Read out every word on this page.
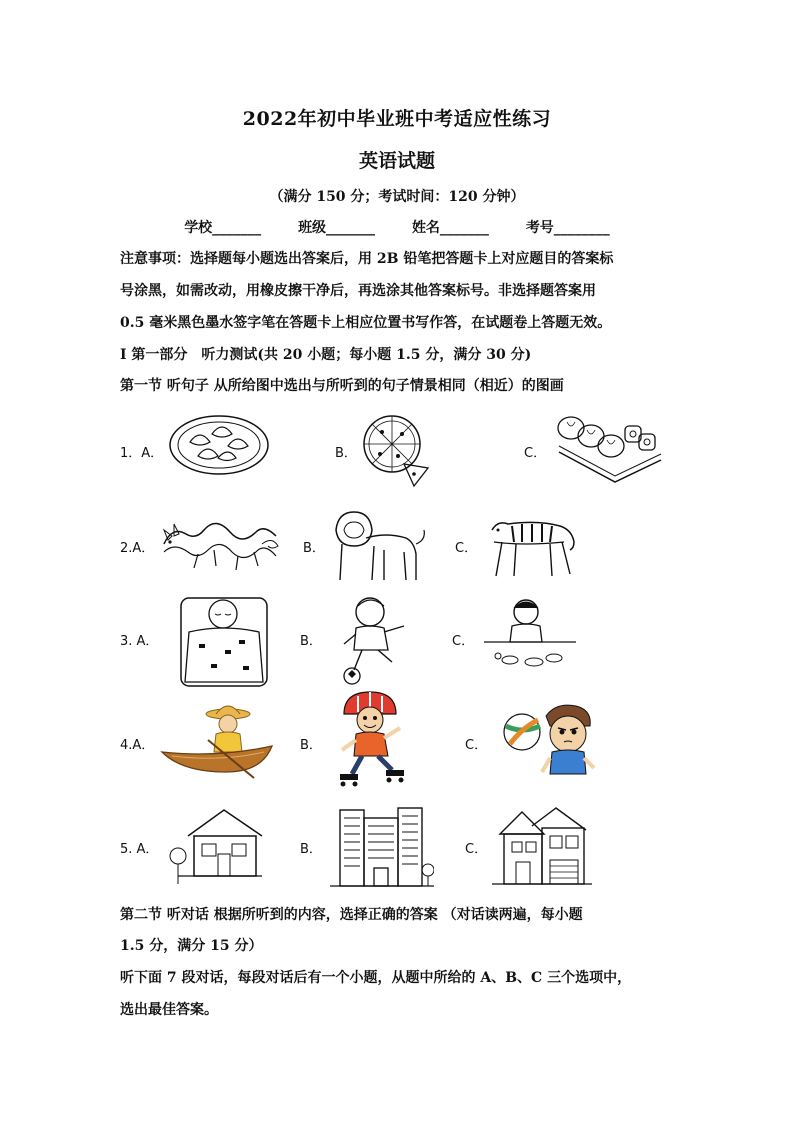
2022年初中毕业班中考适应性练习
英语试题
（满分 150 分；考试时间：120 分钟）
学校_______	班级_______	姓名_______	考号________
注意事项：选择题每小题选出答案后，用 2B 铅笔把答题卡上对应题目的答案标
号涂黑，如需改动，用橡皮擦干净后，再选涂其他答案标号。非选择题答案用
0.5 毫米黑色墨水签字笔在答题卡上相应位置书写作答，在试题卷上答题无效。
I 第一部分　听力测试(共 20 小题；每小题 1.5 分，满分 30 分)
第一节 听句子 从所给图中选出与所听到的句子情景相同（相近）的图画
1．A．	B．	C．
2.A．	B．	C．
3. A．	B．	C．
4.A．	B．	C．
5. A．	B．	C．
第二节 听对话 根据所听到的内容，选择正确的答案 （对话读两遍，每小题
1.5 分，满分 15 分）
听下面 7 段对话，每段对话后有一个小题，从题中所给的 A、B、C 三个选项中，
选出最佳答案。
